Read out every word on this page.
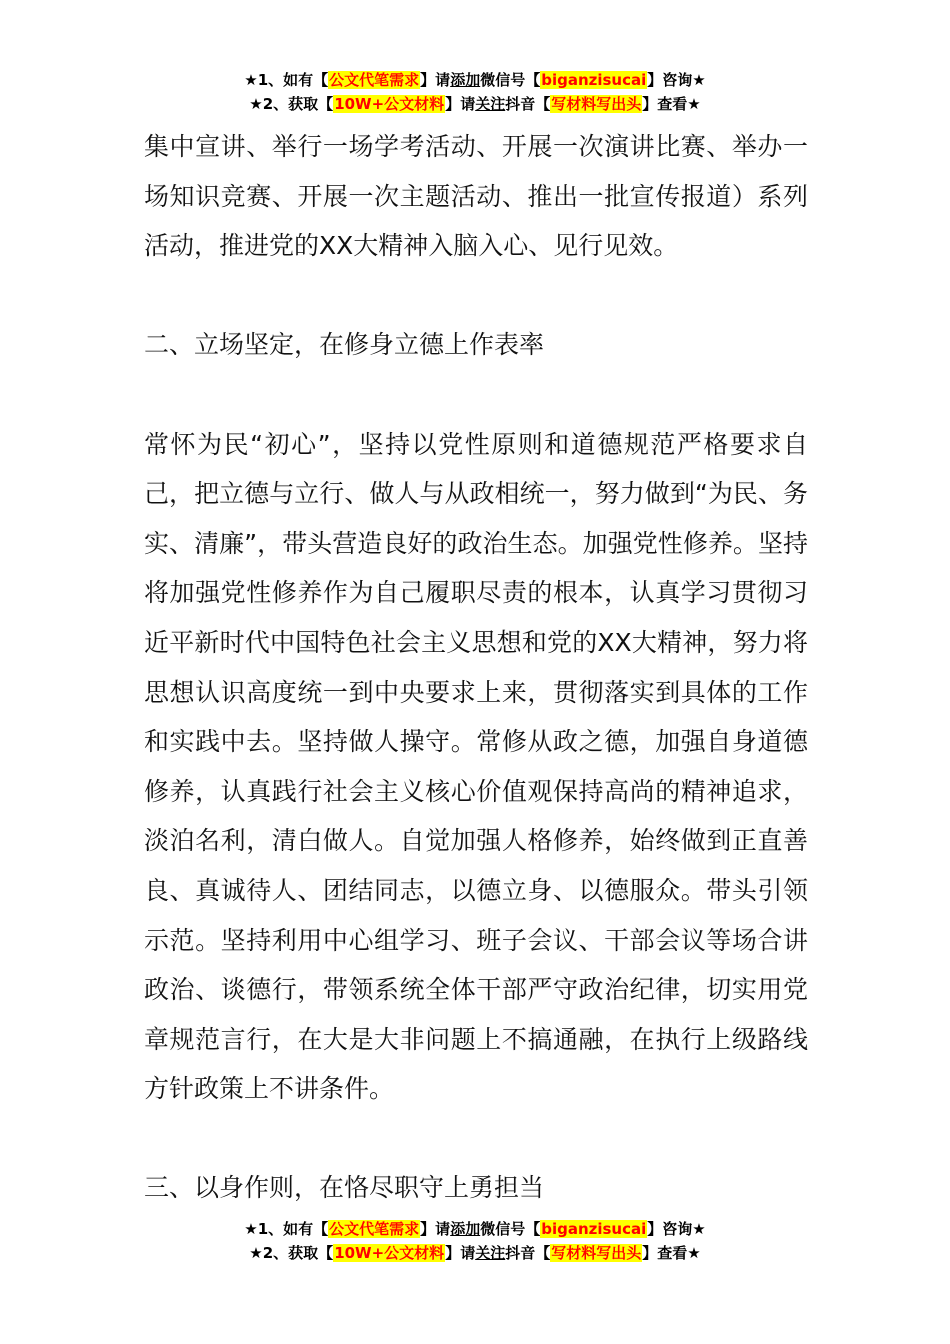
★1、如有【公文代笔需求】请添加微信号【biganzisucai】咨询★
★2、获取【10W+公文材料】请关注抖音【写材料写出头】查看★

集中宣讲、举行一场学考活动、开展一次演讲比赛、举办一场知识竞赛、开展一次主题活动、推出一批宣传报道）系列活动，推进党的XX大精神入脑入心、见行见效。

二、立场坚定，在修身立德上作表率

常怀为民“初心”，坚持以党性原则和道德规范严格要求自己，把立德与立行、做人与从政相统一，努力做到“为民、务实、清廉”，带头营造良好的政治生态。加强党性修养。坚持将加强党性修养作为自己履职尽责的根本，认真学习贯彻习近平新时代中国特色社会主义思想和党的XX大精神，努力将思想认识高度统一到中央要求上来，贯彻落实到具体的工作和实践中去。坚持做人操守。常修从政之德，加强自身道德修养，认真践行社会主义核心价值观保持高尚的精神追求，淡泊名利，清白做人。自觉加强人格修养，始终做到正直善良、真诚待人、团结同志，以德立身、以德服众。带头引领示范。坚持利用中心组学习、班子会议、干部会议等场合讲政治、谈德行，带领系统全体干部严守政治纪律，切实用党章规范言行，在大是大非问题上不搞通融，在执行上级路线方针政策上不讲条件。

三、以身作则，在恪尽职守上勇担当

★1、如有【公文代笔需求】请添加微信号【biganzisucai】咨询★
★2、获取【10W+公文材料】请关注抖音【写材料写出头】查看★
